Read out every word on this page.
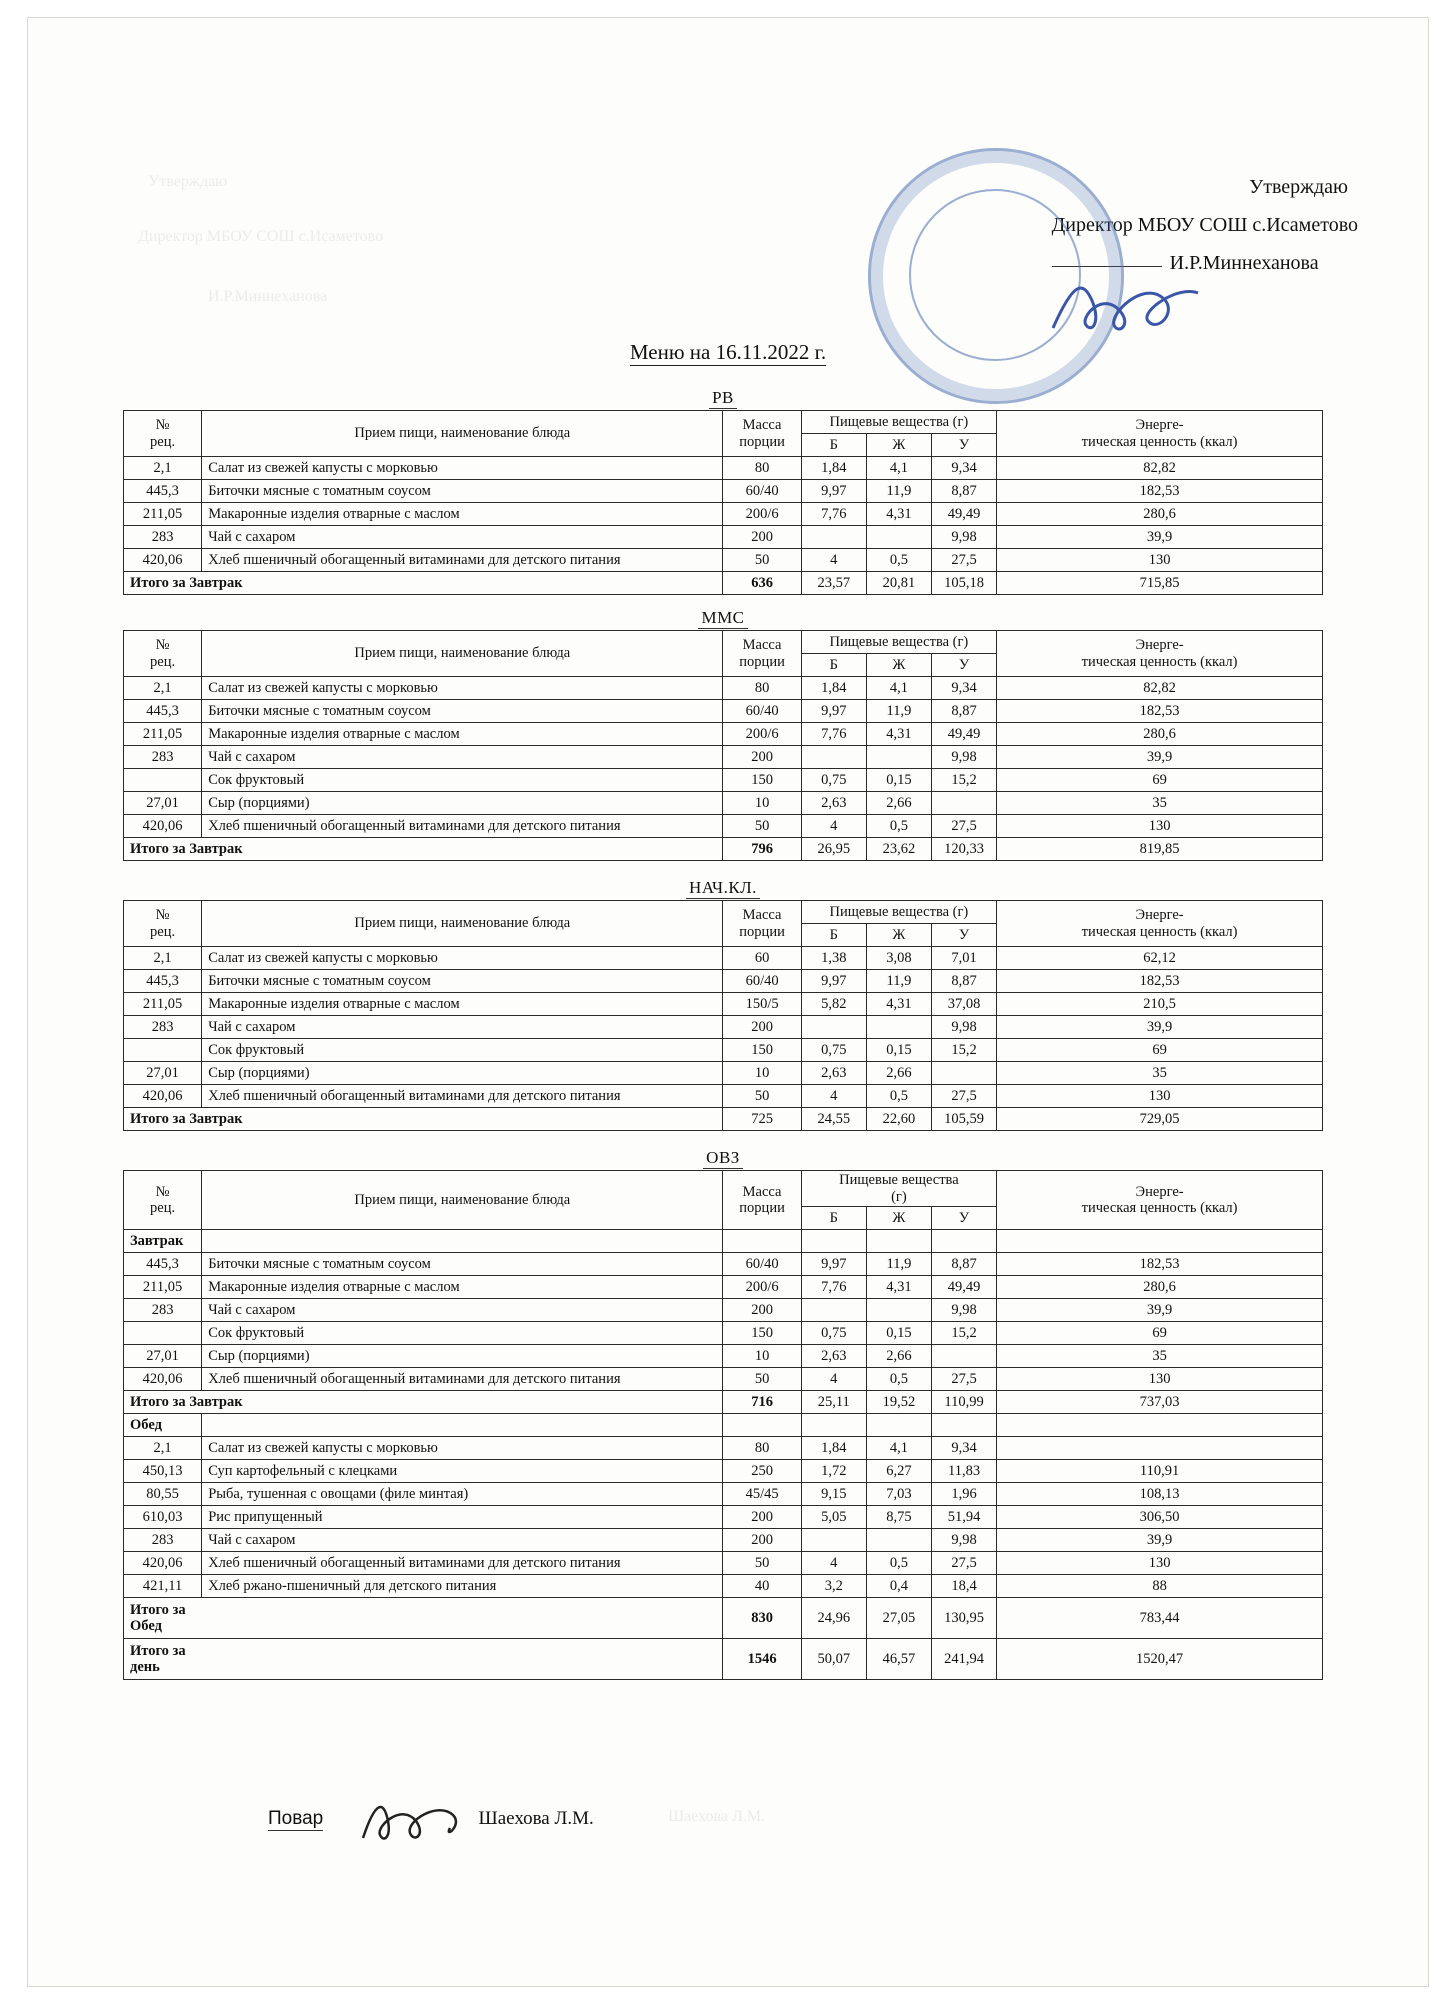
Утверждаю
Директор МБОУ СОШ с.Исаметово
И.Р.Миннеханова
Шаехова Л.М.
Утверждаю
Директор МБОУ СОШ с.Исаметово
И.Р.Миннеханова
Меню на 16.11.2022 г.
РВ
№
рец.	Прием пищи, наименование блюда	Масса
порции	Пищевые вещества (г)			Энерге-
тическая ценность (ккал)
			Б	Ж	У	
2,1	Салат из свежей капусты с морковью	80	1,84	4,1	9,34	82,82
445,3	Биточки мясные с томатным соусом	60/40	9,97	11,9	8,87	182,53
211,05	Макаронные изделия отварные с маслом	200/6	7,76	4,31	49,49	280,6
283	Чай с сахаром	200			9,98	39,9
420,06	Хлеб пшеничный обогащенный витаминами для детского питания	50	4	0,5	27,5	130
Итого за Завтрак		636	23,57	20,81	105,18	715,85
ММС
№
рец.	Прием пищи, наименование блюда	Масса
порции	Пищевые вещества (г)			Энерге-
тическая ценность (ккал)
			Б	Ж	У	
2,1	Салат из свежей капусты с морковью	80	1,84	4,1	9,34	82,82
445,3	Биточки мясные с томатным соусом	60/40	9,97	11,9	8,87	182,53
211,05	Макаронные изделия отварные с маслом	200/6	7,76	4,31	49,49	280,6
283	Чай с сахаром	200			9,98	39,9
	Сок фруктовый	150	0,75	0,15	15,2	69
27,01	Сыр (порциями)	10	2,63	2,66		35
420,06	Хлеб пшеничный обогащенный витаминами для детского питания	50	4	0,5	27,5	130
Итого за Завтрак		796	26,95	23,62	120,33	819,85
НАЧ.КЛ.
№
рец.	Прием пищи, наименование блюда	Масса
порции	Пищевые вещества (г)			Энерге-
тическая ценность (ккал)
			Б	Ж	У	
2,1	Салат из свежей капусты с морковью	60	1,38	3,08	7,01	62,12
445,3	Биточки мясные с томатным соусом	60/40	9,97	11,9	8,87	182,53
211,05	Макаронные изделия отварные с маслом	150/5	5,82	4,31	37,08	210,5
283	Чай с сахаром	200			9,98	39,9
	Сок фруктовый	150	0,75	0,15	15,2	69
27,01	Сыр (порциями)	10	2,63	2,66		35
420,06	Хлеб пшеничный обогащенный витаминами для детского питания	50	4	0,5	27,5	130
Итого за Завтрак		725	24,55	22,60	105,59	729,05
ОВЗ
№
рец.	Прием пищи, наименование блюда	Масса
порции	Пищевые вещества
(г)			Энерге-
тическая ценность (ккал)
			Б	Ж	У	
Завтрак						
445,3	Биточки мясные с томатным соусом	60/40	9,97	11,9	8,87	182,53
211,05	Макаронные изделия отварные с маслом	200/6	7,76	4,31	49,49	280,6
283	Чай с сахаром	200			9,98	39,9
	Сок фруктовый	150	0,75	0,15	15,2	69
27,01	Сыр (порциями)	10	2,63	2,66		35
420,06	Хлеб пшеничный обогащенный витаминами для детского питания	50	4	0,5	27,5	130
Итого за Завтрак		716	25,11	19,52	110,99	737,03
Обед						
2,1	Салат из свежей капусты с морковью	80	1,84	4,1	9,34	
450,13	Суп картофельный с клецками	250	1,72	6,27	11,83	110,91
80,55	Рыба, тушенная с овощами (филе минтая)	45/45	9,15	7,03	1,96	108,13
610,03	Рис припущенный	200	5,05	8,75	51,94	306,50
283	Чай с сахаром	200			9,98	39,9
420,06	Хлеб пшеничный обогащенный витаминами для детского питания	50	4	0,5	27,5	130
421,11	Хлеб ржано-пшеничный для детского питания	40	3,2	0,4	18,4	88
Итого за
Обед		830	24,96	27,05	130,95	783,44
Итого за
день		1546	50,07	46,57	241,94	1520,47
Повар	Шаехова Л.М.
